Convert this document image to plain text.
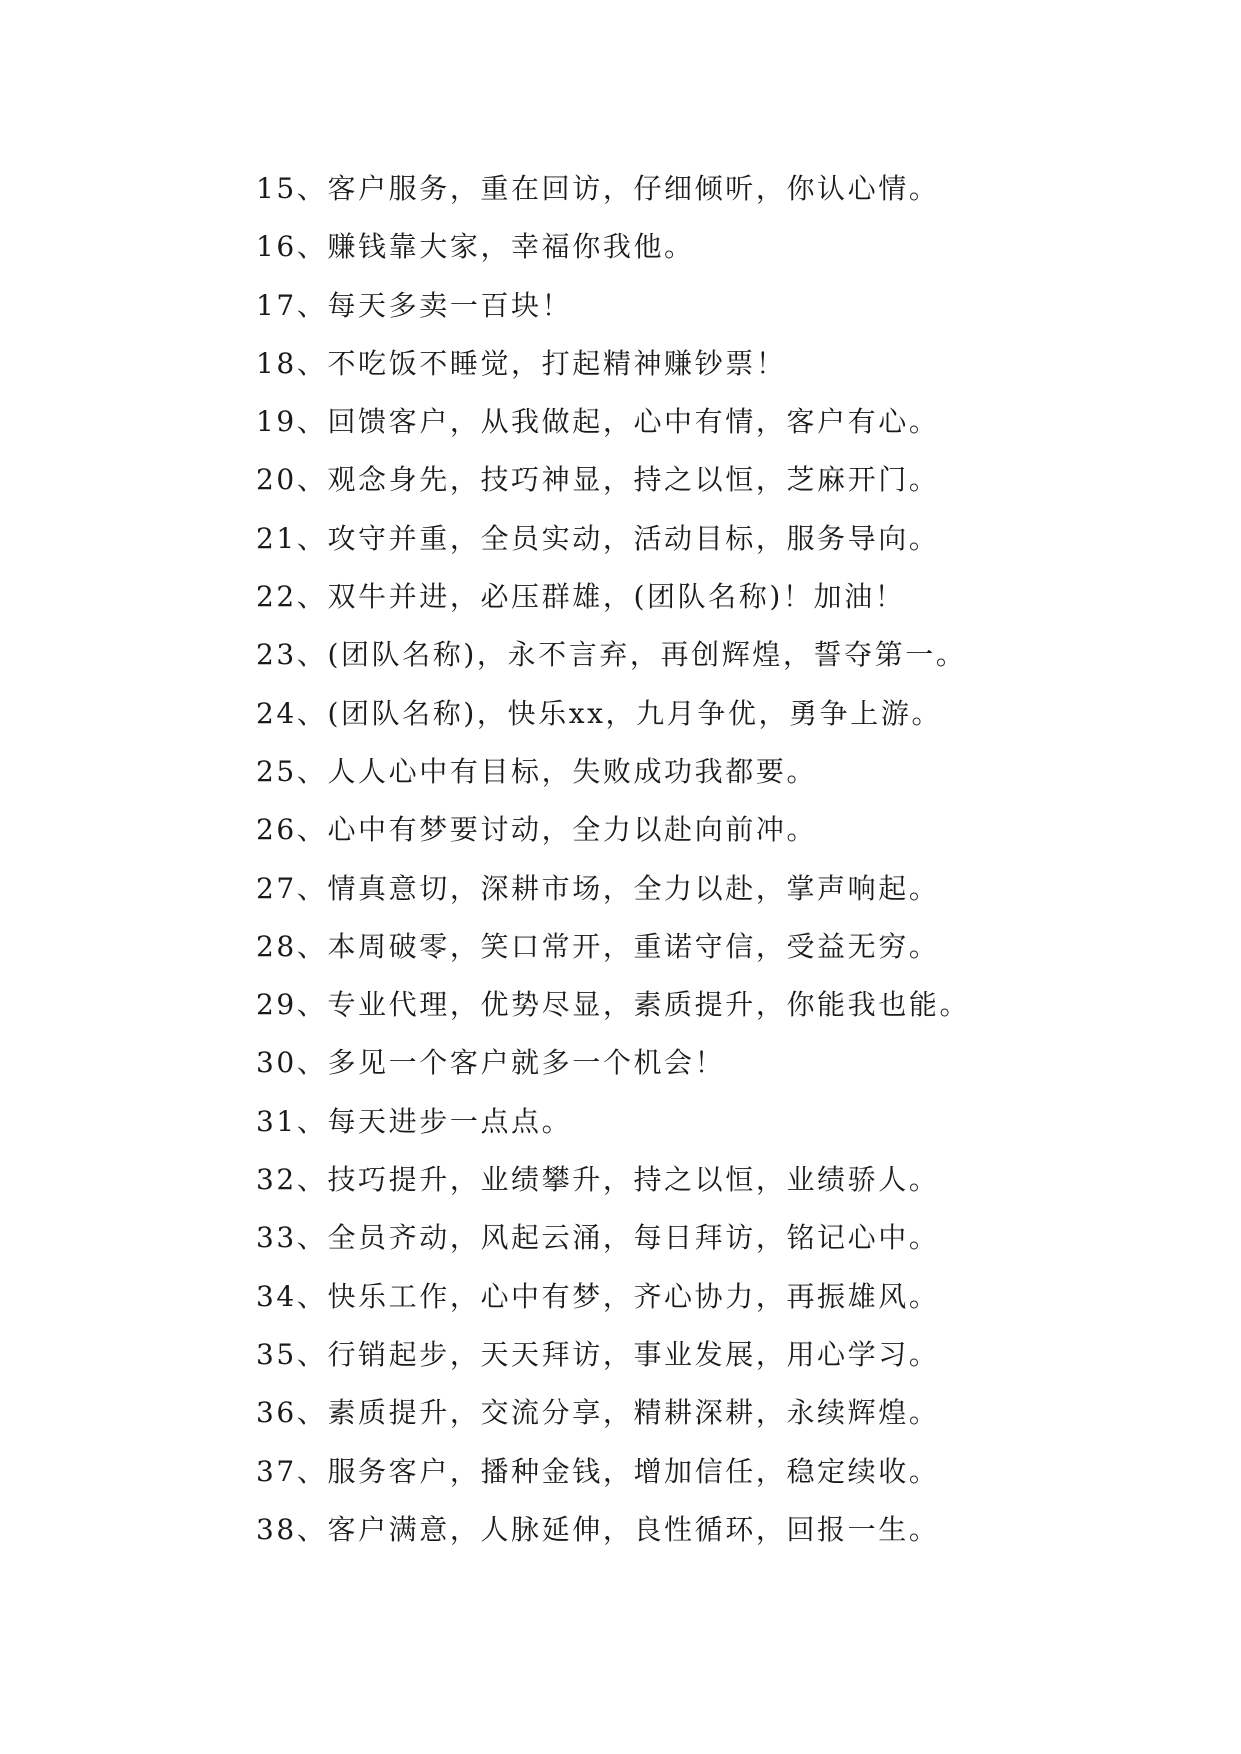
15、客户服务，重在回访，仔细倾听，你认心情。
16、赚钱靠大家，幸福你我他。
17、每天多卖一百块！
18、不吃饭不睡觉，打起精神赚钞票！
19、回馈客户，从我做起，心中有情，客户有心。
20、观念身先，技巧神显，持之以恒，芝麻开门。
21、攻守并重，全员实动，活动目标，服务导向。
22、双牛并进，必压群雄，(团队名称)！加油！
23、(团队名称)，永不言弃，再创辉煌，誓夺第一。
24、(团队名称)，快乐xx，九月争优，勇争上游。
25、人人心中有目标，失败成功我都要。
26、心中有梦要讨动，全力以赴向前冲。
27、情真意切，深耕市场，全力以赴，掌声响起。
28、本周破零，笑口常开，重诺守信，受益无穷。
29、专业代理，优势尽显，素质提升，你能我也能。
30、多见一个客户就多一个机会！
31、每天进步一点点。
32、技巧提升，业绩攀升，持之以恒，业绩骄人。
33、全员齐动，风起云涌，每日拜访，铭记心中。
34、快乐工作，心中有梦，齐心协力，再振雄风。
35、行销起步，天天拜访，事业发展，用心学习。
36、素质提升，交流分享，精耕深耕，永续辉煌。
37、服务客户，播种金钱，增加信任，稳定续收。
38、客户满意，人脉延伸，良性循环，回报一生。
